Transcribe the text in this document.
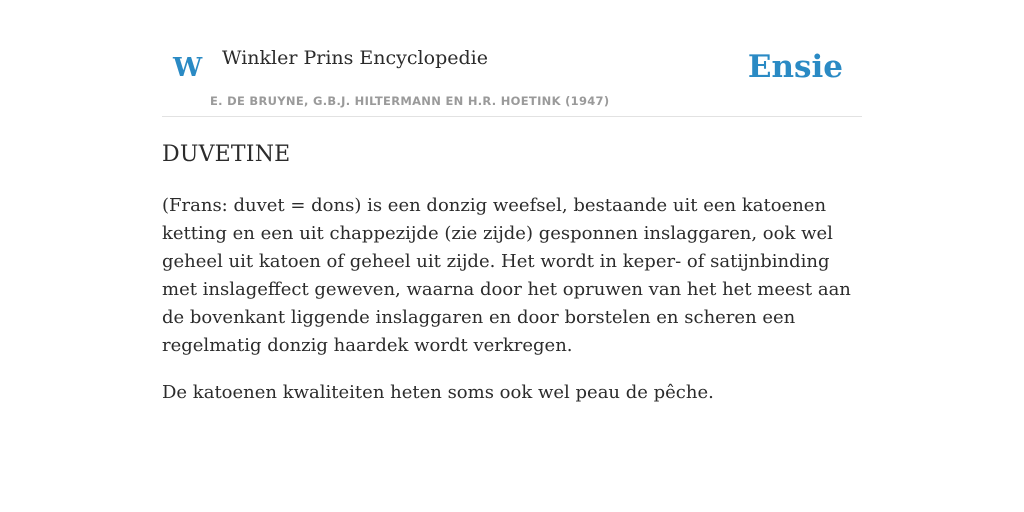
W Winkler Prins Encyclopedie
E. DE BRUYNE, G.B.J. HILTERMANN EN H.R. HOETINK (1947)
Ensie
DUVETINE

(Frans: duvet = dons) is een donzig weefsel, bestaande uit een katoenen ketting en een uit chappezijde (zie zijde) gesponnen inslaggaren, ook wel geheel uit katoen of geheel uit zijde. Het wordt in keper- of satijnbinding met inslageffect geweven, waarna door het opruwen van het het meest aan de bovenkant liggende inslaggaren en door borstelen en scheren een regelmatig donzig haardek wordt verkregen.

De katoenen kwaliteiten heten soms ook wel peau de pêche.
